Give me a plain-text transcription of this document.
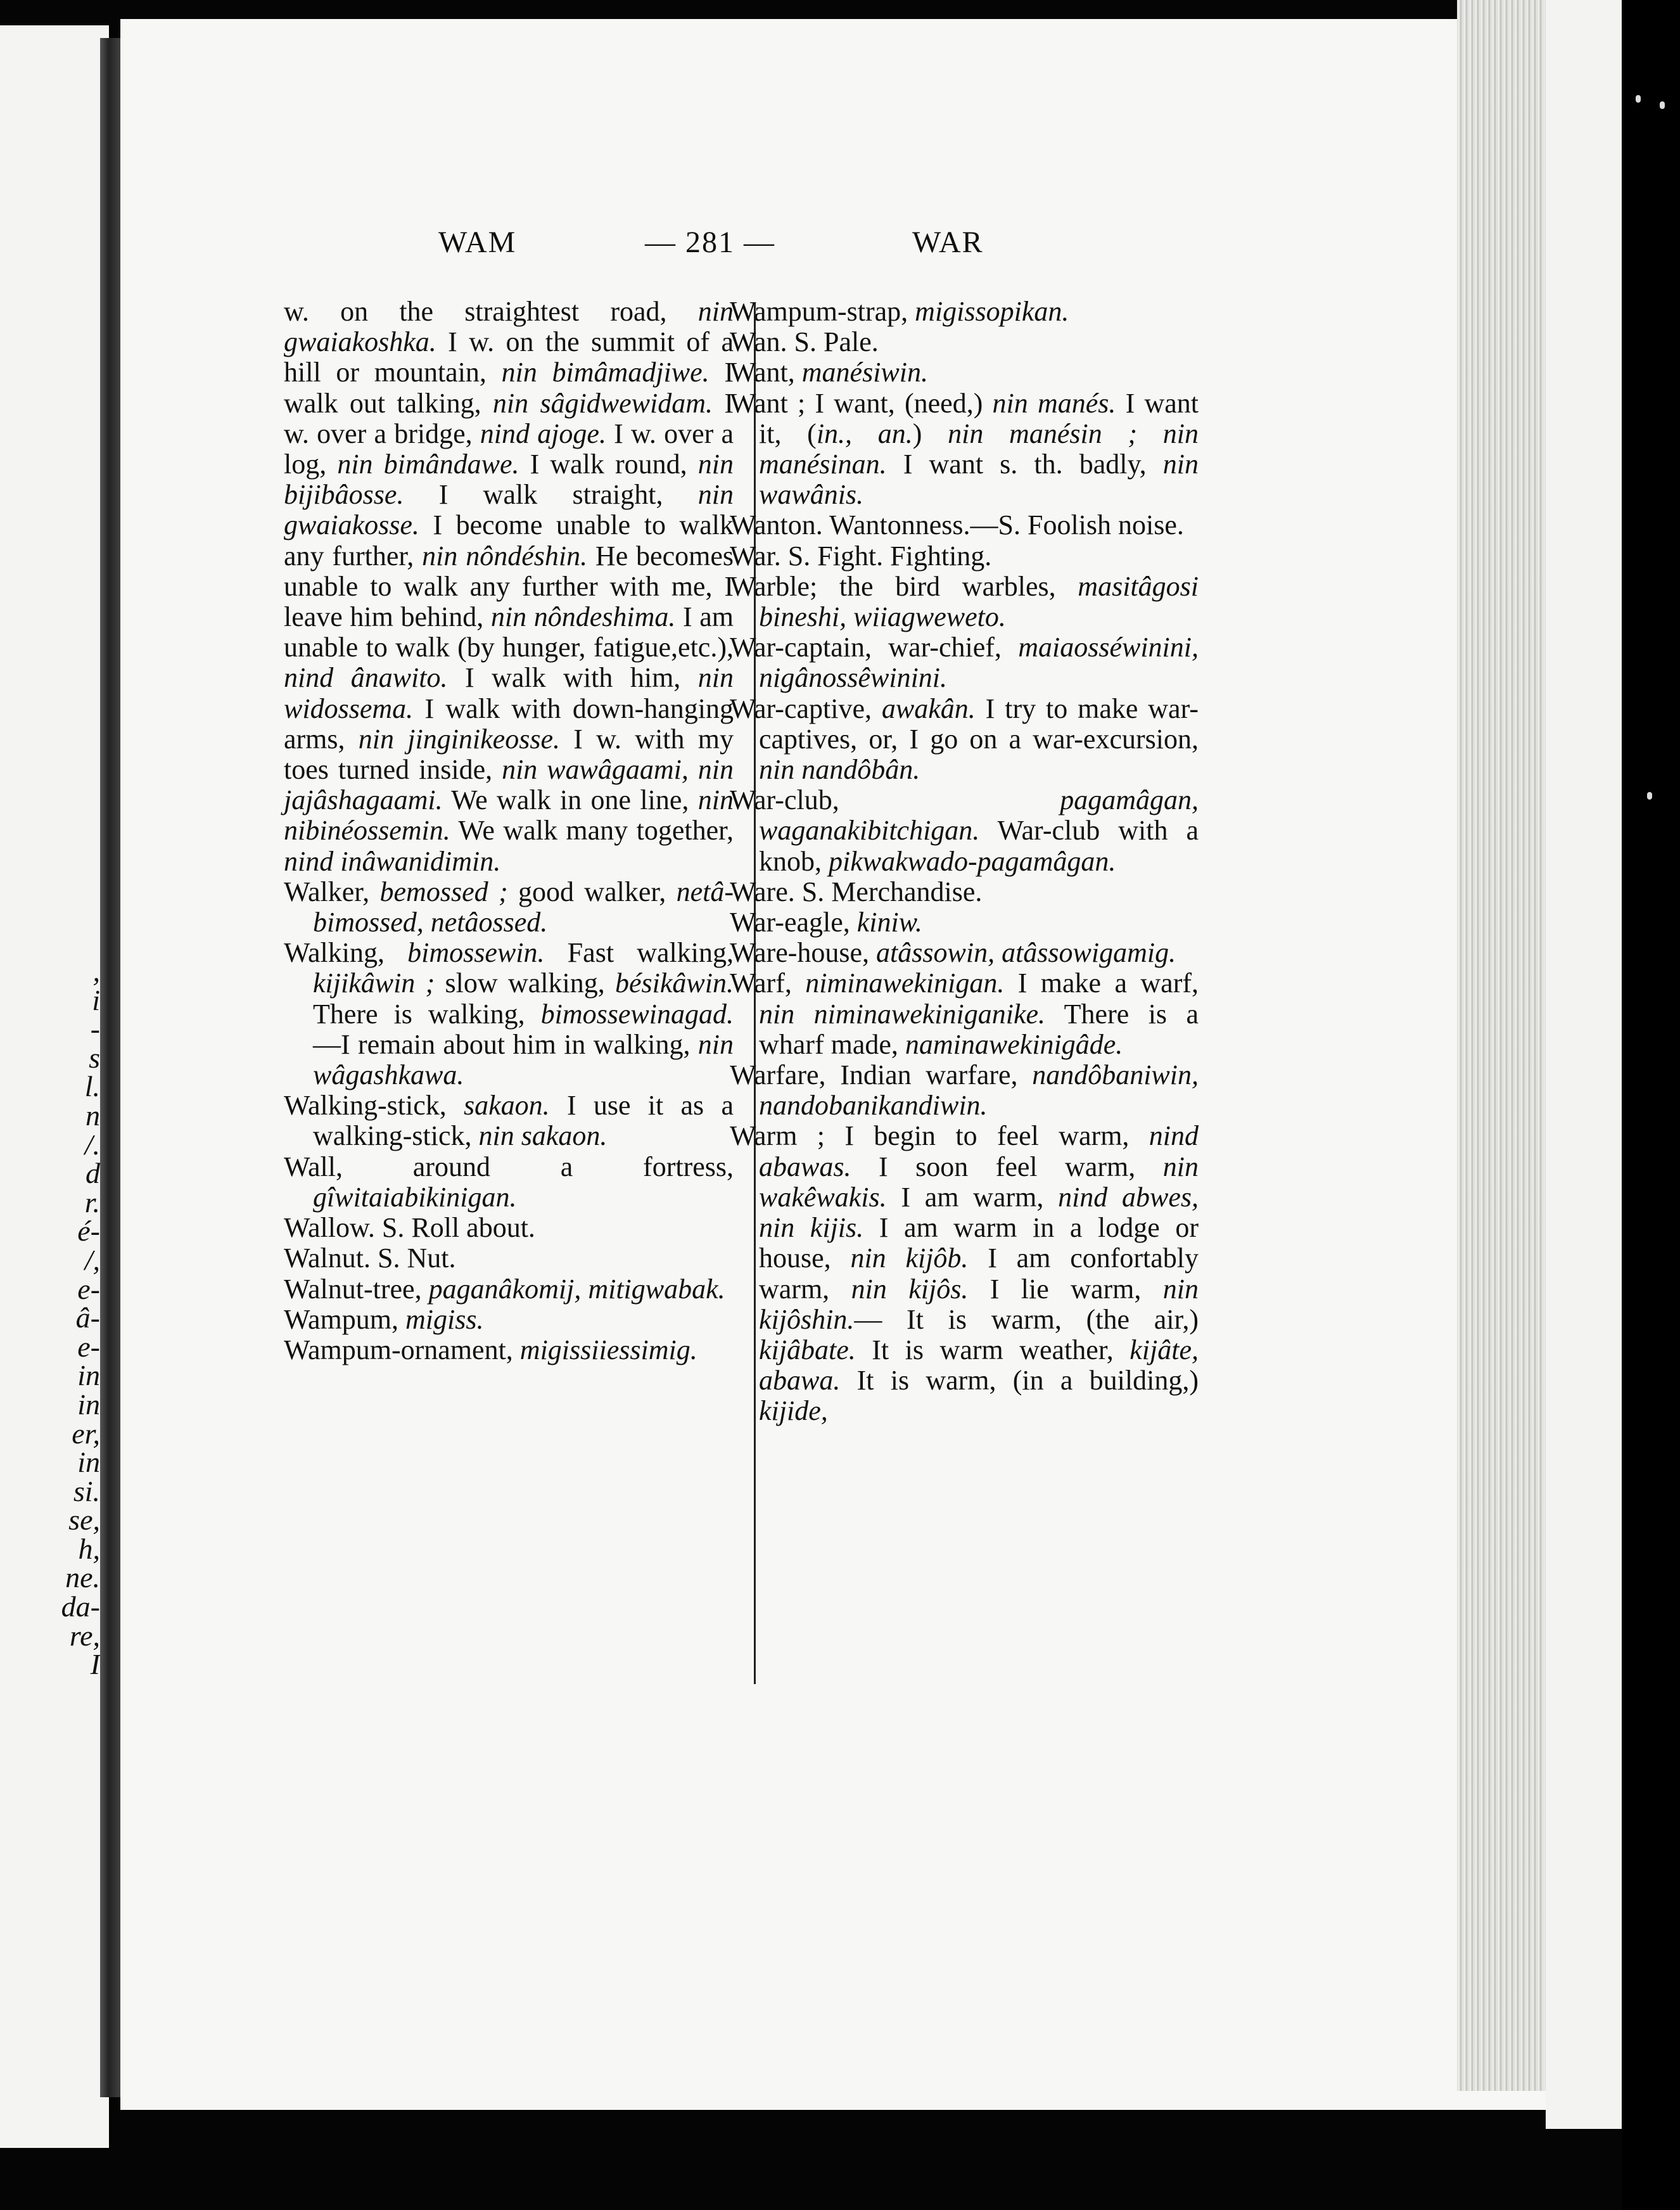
,
i
-
s
l.
n
/.
d
r.
é-
/,
e-
â-
e-
in
in
er,
in
si.
se,
h,
ne.
da-
re,
I
WAM	— 281 —	WAR

w. on the straightest road, nin gwaiakoshka. I w. on the summit of a hill or mountain, nin bimâmadjiwe. I walk out talking, nin sâgidwewidam. I w. over a bridge, nind ajoge. I w. over a log, nin bimândawe. I walk round, nin bijibâosse. I walk straight, nin gwaiakosse. I become unable to walk any further, nin nôndéshin. He becomes unable to walk any further with me, I leave him behind, nin nôndeshima. I am unable to walk (by hunger, fatigue,etc.), nind ânawito. I walk with him, nin widossema. I walk with down-hanging arms, nin jinginikeosse. I w. with my toes turned inside, nin wawâgaami, nin jajâshagaami. We walk in one line, nin nibinéossemin. We walk many together, nind inâwanidimin.

Walker, bemossed ; good walker, netâ-bimossed, netâossed.

Walking, bimossewin. Fast walking, kijikâwin ; slow walking, bésikâwin. There is walking, bimossewinagad.—I remain about him in walking, nin wâgashkawa.

Walking-stick, sakaon. I use it as a walking-stick, nin sakaon.

Wall, around a fortress, gîwitaiabikinigan.

Wallow. S. Roll about.

Walnut. S. Nut.

Walnut-tree, paganâkomij, mitigwabak.

Wampum, migiss.

Wampum-ornament, migissiiessimig.

Wampum-strap, migissopikan.

Wan. S. Pale.

Want, manésiwin.

Want ; I want, (need,) nin manés. I want it, (in., an.) nin manésin ; nin manésinan. I want s. th. badly, nin wawânis.

Wanton. Wantonness.—S. Foolish noise.

War. S. Fight. Fighting.

Warble; the bird warbles, masitâgosi bineshi, wiiagweweto.

War-captain, war-chief, maiaosséwinini, nigânossêwinini.

War-captive, awakân. I try to make war-captives, or, I go on a war-excursion, nin nandôbân.

War-club, pagamâgan, waganakibitchigan. War-club with a knob, pikwakwado-pagamâgan.

Ware. S. Merchandise.

War-eagle, kiniw.

Ware-house, atâssowin, atâssowigamig.

Warf, niminawekinigan. I make a warf, nin niminawekiniganike. There is a wharf made, naminawekinigâde.

Warfare, Indian warfare, nandôbaniwin, nandobanikandiwin.

Warm ; I begin to feel warm, nind abawas. I soon feel warm, nin wakêwakis. I am warm, nind abwes, nin kijis. I am warm in a lodge or house, nin kijôb. I am confortably warm, nin kijôs. I lie warm, nin kijôshin.— It is warm, (the air,) kijâbate. It is warm weather, kijâte, abawa. It is warm, (in a building,) kijide,
